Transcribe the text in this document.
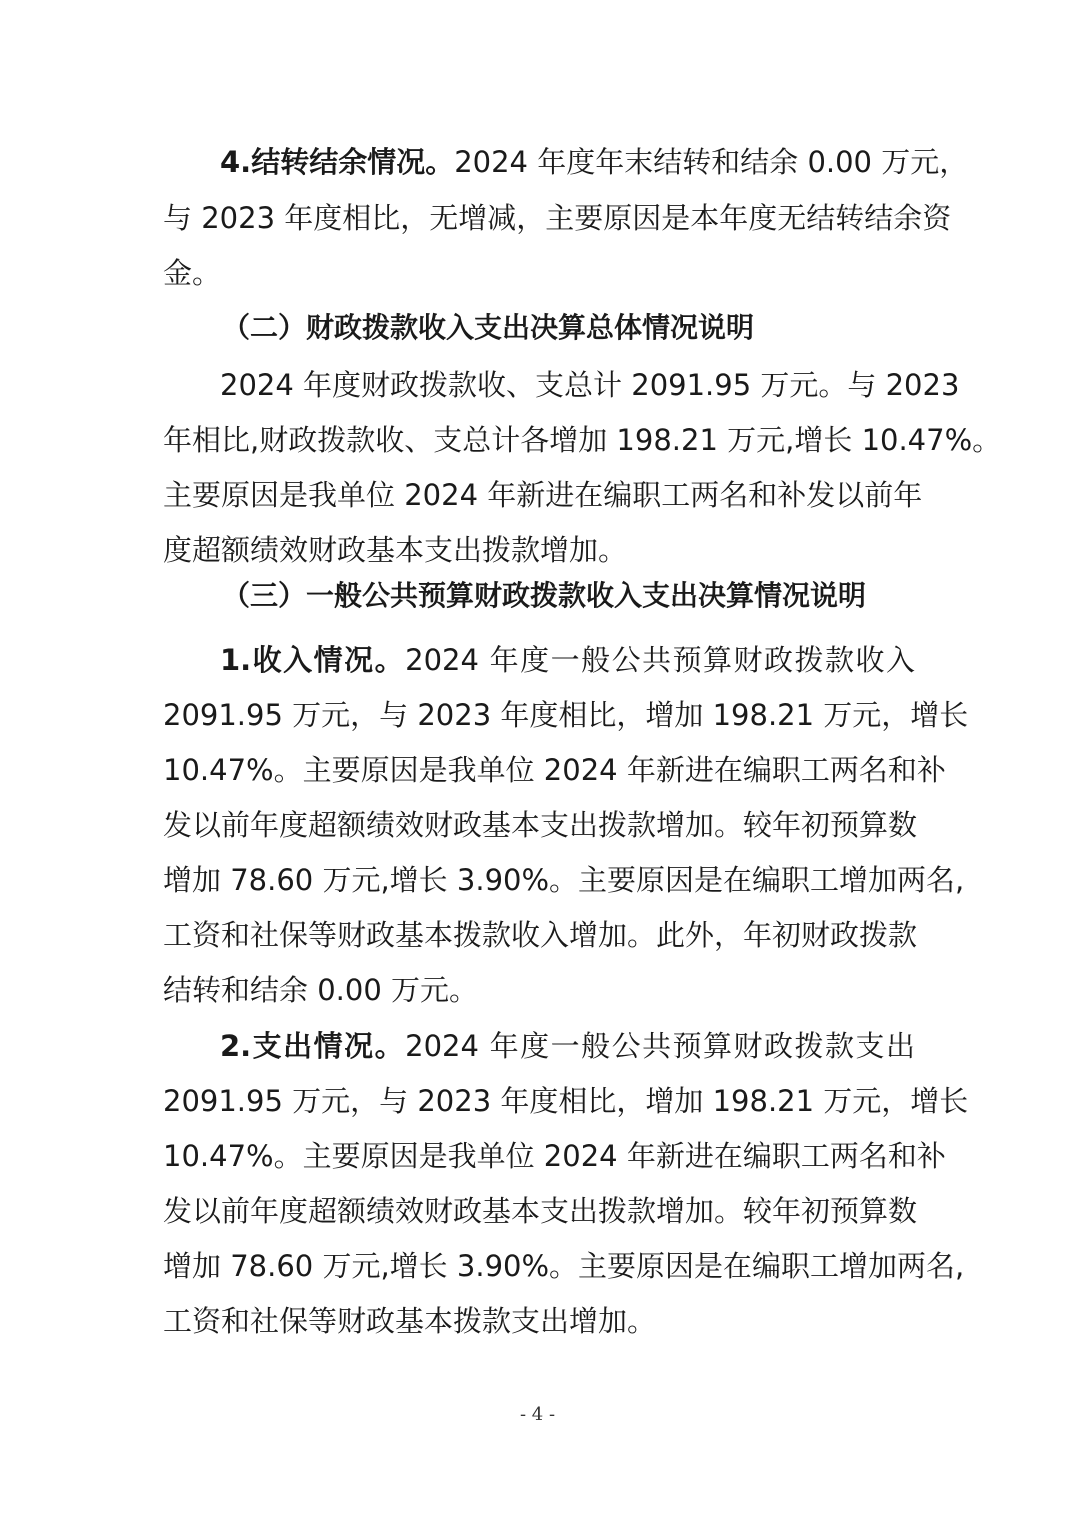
4.结转结余情况。2024 年度年末结转和结余 0.00 万元，
与 2023 年度相比，无增减，主要原因是本年度无结转结余资
金。
（二）财政拨款收入支出决算总体情况说明
2024 年度财政拨款收、支总计 2091.95 万元。与 2023
年相比,财政拨款收、支总计各增加 198.21 万元,增长 10.47%。
主要原因是我单位 2024 年新进在编职工两名和补发以前年
度超额绩效财政基本支出拨款增加。
（三）一般公共预算财政拨款收入支出决算情况说明
1.收入情况。2024 年度一般公共预算财政拨款收入
2091.95 万元，与 2023 年度相比，增加 198.21 万元，增长
10.47%。主要原因是我单位 2024 年新进在编职工两名和补
发以前年度超额绩效财政基本支出拨款增加。较年初预算数
增加 78.60 万元,增长 3.90%。主要原因是在编职工增加两名,
工资和社保等财政基本拨款收入增加。此外，年初财政拨款
结转和结余 0.00 万元。
2.支出情况。2024 年度一般公共预算财政拨款支出
2091.95 万元，与 2023 年度相比，增加 198.21 万元，增长
10.47%。主要原因是我单位 2024 年新进在编职工两名和补
发以前年度超额绩效财政基本支出拨款增加。较年初预算数
增加 78.60 万元,增长 3.90%。主要原因是在编职工增加两名,
工资和社保等财政基本拨款支出增加。
- 4 -
